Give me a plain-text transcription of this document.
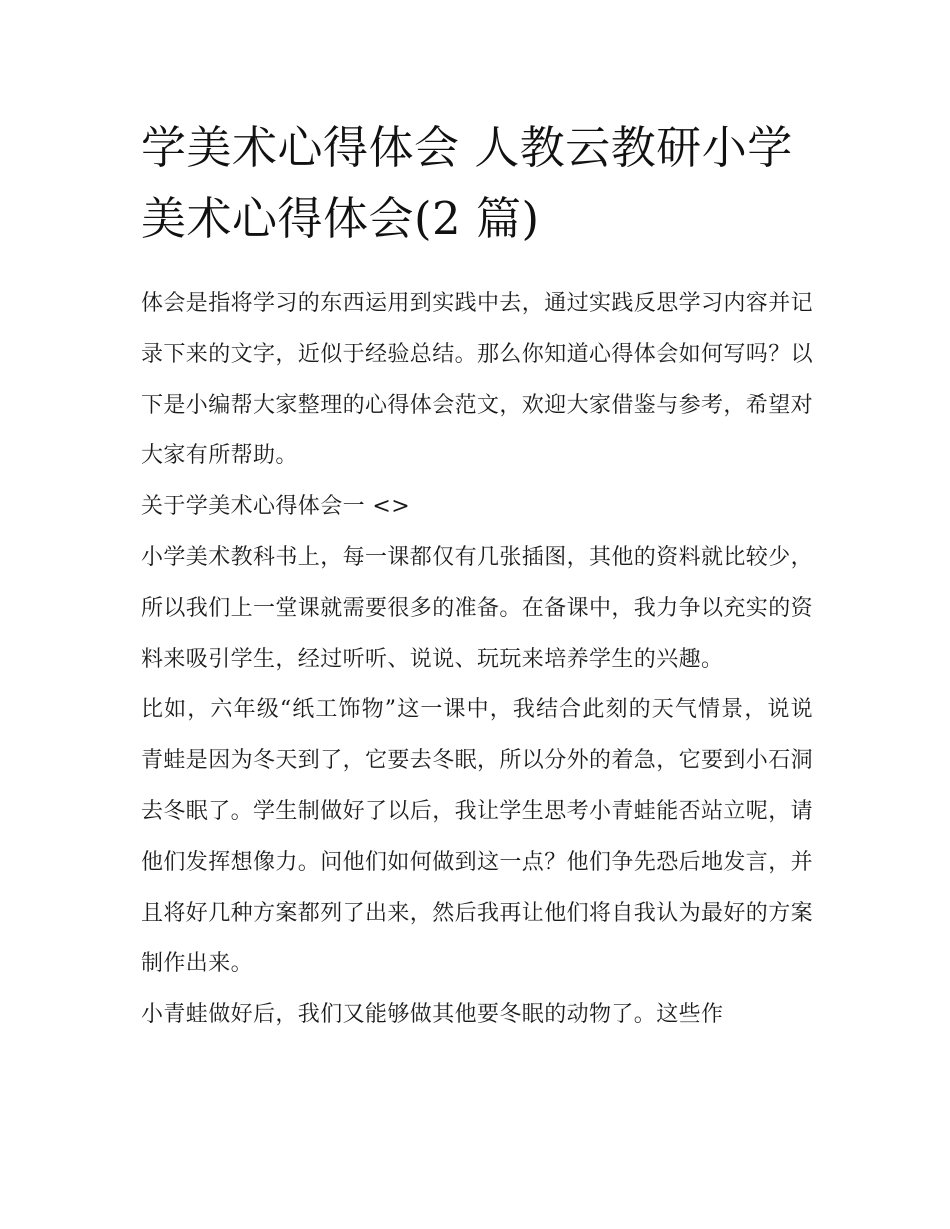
学美术心得体会 人教云教研小学美术心得体会(2 篇)

体会是指将学习的东西运用到实践中去，通过实践反思学习内容并记录下来的文字，近似于经验总结。那么你知道心得体会如何写吗？以下是小编帮大家整理的心得体会范文，欢迎大家借鉴与参考，希望对大家有所帮助。

关于学美术心得体会一 <>

小学美术教科书上，每一课都仅有几张插图，其他的资料就比较少，所以我们上一堂课就需要很多的准备。在备课中，我力争以充实的资料来吸引学生，经过听听、说说、玩玩来培养学生的兴趣。

比如，六年级“纸工饰物”这一课中，我结合此刻的天气情景，说说青蛙是因为冬天到了，它要去冬眠，所以分外的着急，它要到小石洞去冬眠了。学生制做好了以后，我让学生思考小青蛙能否站立呢，请他们发挥想像力。问他们如何做到这一点？他们争先恐后地发言，并且将好几种方案都列了出来，然后我再让他们将自我认为最好的方案制作出来。

小青蛙做好后，我们又能够做其他要冬眠的动物了。这些作
